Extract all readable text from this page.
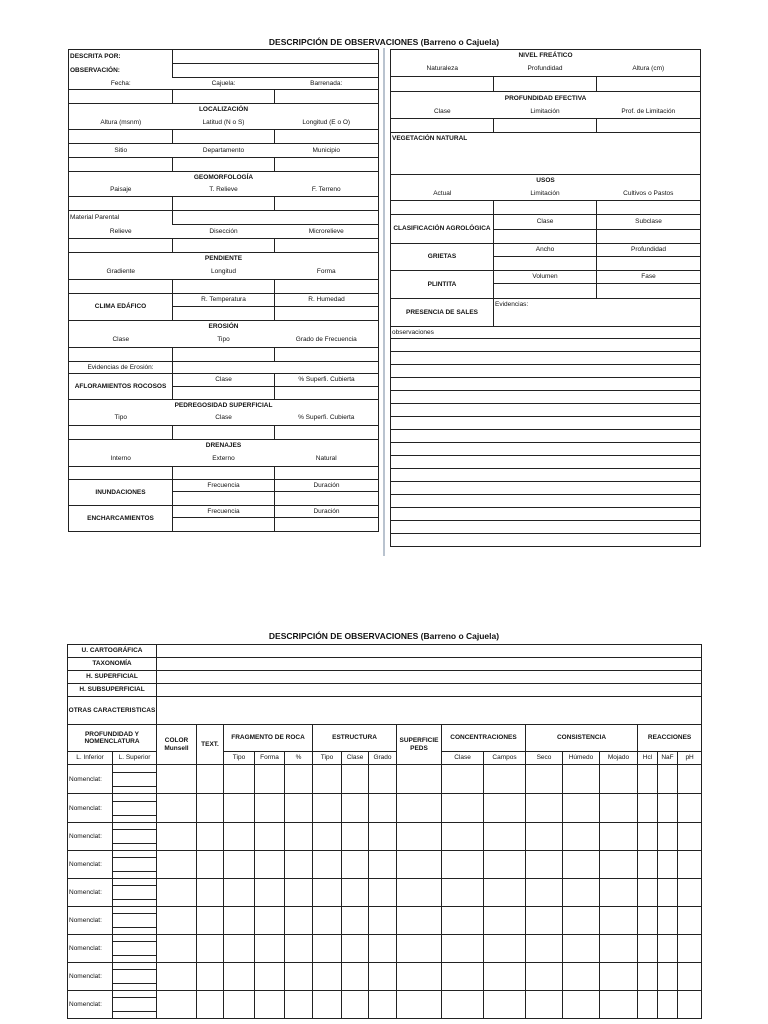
DESCRIPCIÓN DE OBSERVACIONES (Barreno o Cajuela)
DESCRITA POR:		
OBSERVACIÓN:		
Fecha:	Cajuela:	Barrenada:

LOCALIZACIÓN		
Altura (msnm)	Latitud (N o S)	Longitud (E o O)

Sitio	Departamento	Municipio

GEOMORFOLOGÍA		
Paisaje	T. Relieve	F. Terreno

Material Parental		
Relieve	Disección	Microrelieve

PENDIENTE		
Gradiente	Longitud	Forma

CLIMA EDÁFICO	R. Temperatura	R. Humedad

EROSIÓN		
Clase	Tipo	Grado de Frecuencia

Evidencias de Erosión:		
AFLORAMIENTOS ROCOSOS	Clase	% Superfi. Cubierta

PEDREGOSIDAD SUPERFICIAL		
Tipo	Clase	% Superfi. Cubierta

DRENAJES		
Interno	Externo	Natural

INUNDACIONES	Frecuencia	Duración

ENCHARCAMIENTOS	Frecuencia	Duración

NIVEL FREÁTICO		
Naturaleza	Profundidad	Altura (cm)

PROFUNDIDAD EFECTIVA		
Clase	Limitación	Prof. de Limitación

VEGETACIÓN NATURAL		
USOS		
Actual	Limitación	Cultivos o Pastos

CLASIFICACIÓN AGROLÓGICA	Clase	Subclase

GRIETAS	Ancho	Profundidad

PLINTITA	Volumen	Fase

PRESENCIA DE SALES	Evidencias:	
observaciones		

DESCRIPCIÓN DE OBSERVACIONES (Barreno o Cajuela)
U. CARTOGRÁFICA																		
TAXONOMÍA																		
H. SUPERFICIAL																		
H. SUBSUPERFICIAL																		
OTRAS CARACTERISTICAS																		
PROFUNDIDAD Y NOMENCLATURA		COLOR Munsell	TEXT.	FRAGMENTO DE ROCA			ESTRUCTURA			SUPERFICIE PEDS	CONCENTRACIONES		CONSISTENCIA			REACCIONES		
L. Inferior	L. Superior			Tipo	Forma	%	Tipo	Clase	Grado		Clase	Campos	Seco	Húmedo	Mojado	Hcl	NaF	pH

Nomenclat:																		

Nomenclat:																		

Nomenclat:																		

Nomenclat:																		

Nomenclat:																		

Nomenclat:																		

Nomenclat:																		

Nomenclat:																		

Nomenclat:																		
